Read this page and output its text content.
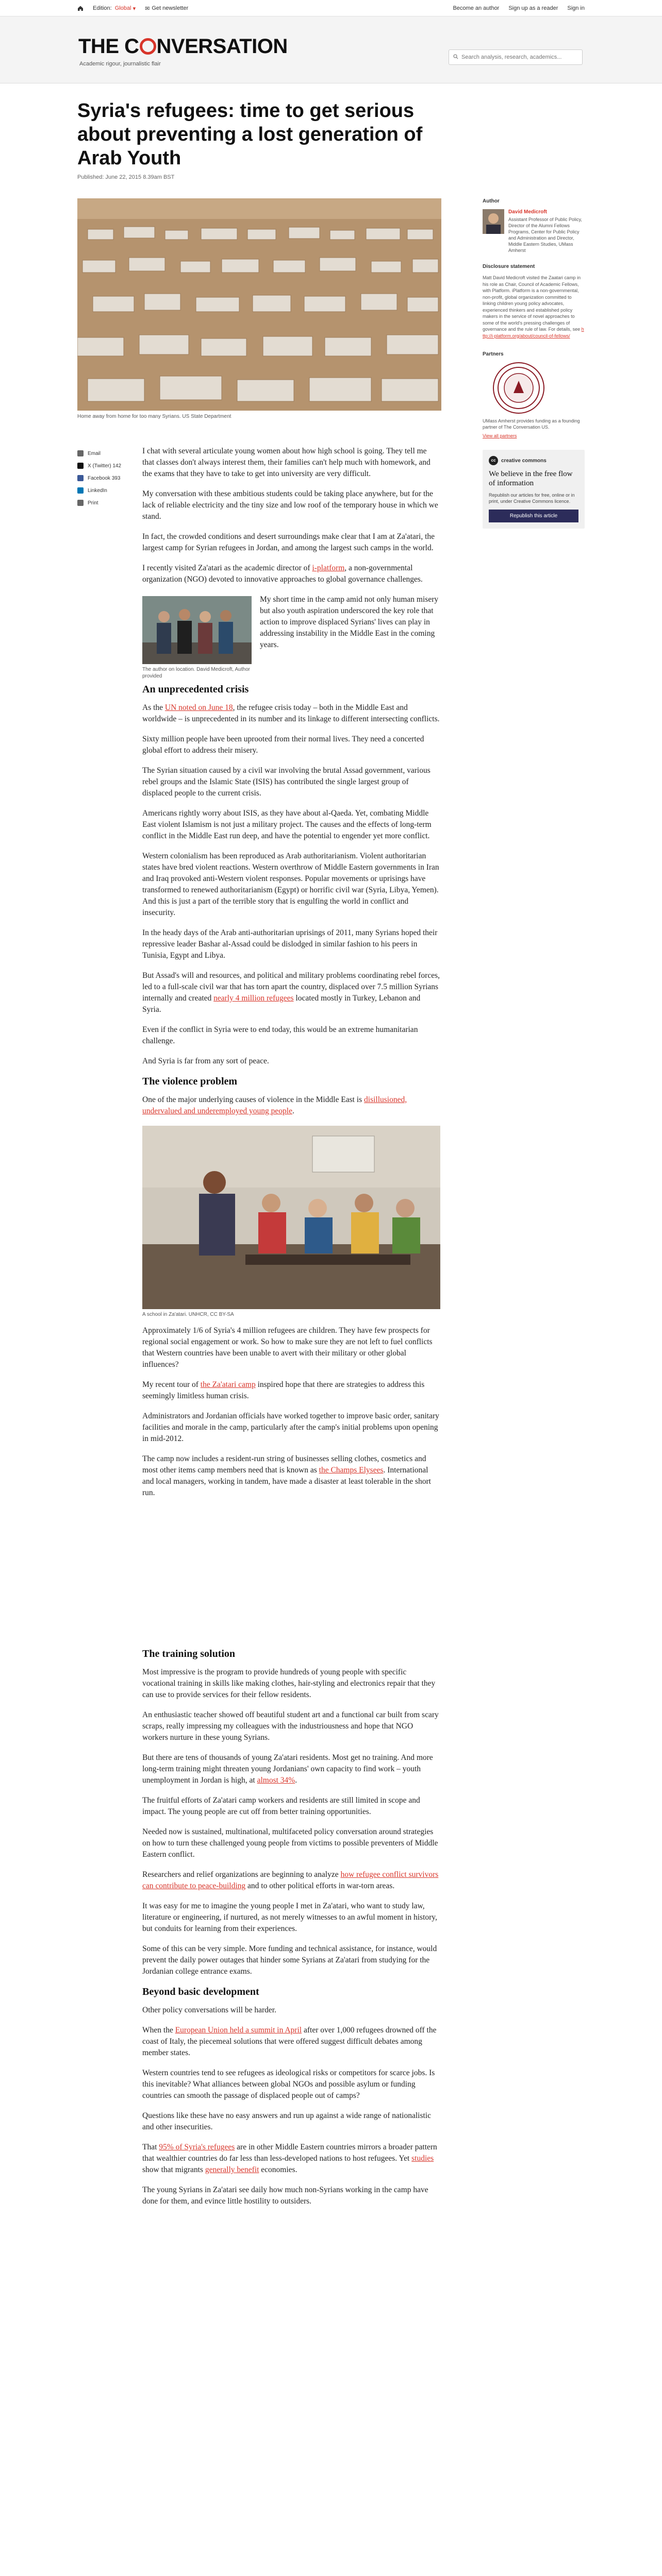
Edition: Global
▾ ✉ Get newsletter	Become an author Sign up as a reader Sign in
THE C NVERSATION
Academic rigour, journalistic flair
Search analysis, research, academics...
Syria's refugees: time to get serious about preventing a lost generation of Arab Youth
Published: June 22, 2015 8.39am BST
Home away from home for too many Syrians. US State Department
Email
X (Twitter) 142
Facebook 393
LinkedIn
Print

I chat with several articulate young women about how high school is going. They tell me that classes don't always interest them, their families can't help much with homework, and the exams that they have to take to get into university are very difficult.

My conversation with these ambitious students could be taking place anywhere, but for the lack of reliable electricity and the tiny size and low roof of the temporary house in which we stand.

In fact, the crowded conditions and desert surroundings make clear that I am at Za'atari, the largest camp for Syrian refugees in Jordan, and among the largest such camps in the world.

I recently visited Za'atari as the academic director of i-platform, a non-governmental organization (NGO) devoted to innovative approaches to global governance challenges.

The author on location. David Medicroft, Author provided

My short time in the camp amid not only human misery but also youth aspiration underscored the key role that action to improve displaced Syrians' lives can play in addressing instability in the Middle East in the coming years.

An unprecedented crisis

As the UN noted on June 18, the refugee crisis today – both in the Middle East and worldwide – is unprecedented in its number and its linkage to different intersecting conflicts.

Sixty million people have been uprooted from their normal lives. They need a concerted global effort to address their misery.

The Syrian situation caused by a civil war involving the brutal Assad government, various rebel groups and the Islamic State (ISIS) has contributed the single largest group of displaced people to the current crisis.

Americans rightly worry about ISIS, as they have about al-Qaeda. Yet, combating Middle East violent Islamism is not just a military project. The causes and the effects of long-term conflict in the Middle East run deep, and have the potential to engender yet more conflict.

Western colonialism has been reproduced as Arab authoritarianism. Violent authoritarian states have bred violent reactions. Western overthrow of Middle Eastern governments in Iran and Iraq provoked anti-Western violent responses. Popular movements or uprisings have transformed to renewed authoritarianism (Egypt) or horrific civil war (Syria, Libya, Yemen). And this is just a part of the terrible story that is engulfing the world in conflict and insecurity.

In the heady days of the Arab anti-authoritarian uprisings of 2011, many Syrians hoped their repressive leader Bashar al-Assad could be dislodged in similar fashion to his peers in Tunisia, Egypt and Libya.

But Assad's will and resources, and political and military problems coordinating rebel forces, led to a full-scale civil war that has torn apart the country, displaced over 7.5 million Syrians internally and created nearly 4 million refugees located mostly in Turkey, Lebanon and Syria.

Even if the conflict in Syria were to end today, this would be an extreme humanitarian challenge.

And Syria is far from any sort of peace.

The violence problem

One of the major underlying causes of violence in the Middle East is disillusioned, undervalued and underemployed young people.

A school in Za'atari. UNHCR, CC BY-SA

Approximately 1/6 of Syria's 4 million refugees are children. They have few prospects for regional social engagement or work. So how to make sure they are not left to fuel conflicts that Western countries have been unable to avert with their military or other global influences?

My recent tour of the Za'atari camp inspired hope that there are strategies to address this seemingly limitless human crisis.

Administrators and Jordanian officials have worked together to improve basic order, sanitary facilities and morale in the camp, particularly after the camp's initial problems upon opening in mid-2012.

The camp now includes a resident-run string of businesses selling clothes, cosmetics and most other items camp members need that is known as the Champs Elysees. International and local managers, working in tandem, have made a disaster at least tolerable in the short run.

The training solution

Most impressive is the program to provide hundreds of young people with specific vocational training in skills like making clothes, hair-styling and electronics repair that they can use to provide services for their fellow residents.

An enthusiastic teacher showed off beautiful student art and a functional car built from scary scraps, really impressing my colleagues with the industriousness and hope that NGO workers nurture in these young Syrians.

But there are tens of thousands of young Za'atari residents. Most get no training. And more long-term training might threaten young Jordanians' own capacity to find work – youth unemployment in Jordan is high, at almost 34%.

The fruitful efforts of Za'atari camp workers and residents are still limited in scope and impact. The young people are cut off from better training opportunities.

Needed now is sustained, multinational, multifaceted policy conversation around strategies on how to turn these challenged young people from victims to possible preventers of Middle Eastern conflict.

Researchers and relief organizations are beginning to analyze how refugee conflict survivors can contribute to peace-building and to other political efforts in war-torn areas.

It was easy for me to imagine the young people I met in Za'atari, who want to study law, literature or engineering, if nurtured, as not merely witnesses to an awful moment in history, but conduits for learning from their experiences.

Some of this can be very simple. More funding and technical assistance, for instance, would prevent the daily power outages that hinder some Syrians at Za'atari from studying for the Jordanian college entrance exams.

Beyond basic development

Other policy conversations will be harder.

When the European Union held a summit in April after over 1,000 refugees drowned off the coast of Italy, the piecemeal solutions that were offered suggest difficult debates among member states.

Western countries tend to see refugees as ideological risks or competitors for scarce jobs. Is this inevitable? What alliances between global NGOs and possible asylum or funding countries can smooth the passage of displaced people out of camps?

Questions like these have no easy answers and run up against a wide range of nationalistic and other insecurities.

That 95% of Syria's refugees are in other Middle Eastern countries mirrors a broader pattern that wealthier countries do far less than less-developed nations to host refugees. Yet studies show that migrants generally benefit economies.

The young Syrians in Za'atari see daily how much non-Syrians working in the camp have done for them, and evince little hostility to outsiders.

Author
David Medicroft
Assistant Professor of Public Policy, Director of the Alumni Fellows Programs, Center for Public Policy and Administration and Director, Middle Eastern Studies, UMass Amherst
Disclosure statement
Matt David Medicroft visited the Zaatari camp in his role as Chair, Council of Academic Fellows, with Platform. iPlatform is a non-governmental, non-profit, global organization committed to linking children young policy advocates, experienced thinkers and established policy makers in the service of novel approaches to some of the world's pressing challenges of governance and the rule of law. For details, see http://i-platform.org/about/council-of-fellows/
Partners
UMass Amherst provides funding as a founding partner of The Conversation US.
View all partners
cc	creative commons
We believe in the free flow of information
Republish our articles for free, online or in print, under Creative Commons licence.
Republish this article
